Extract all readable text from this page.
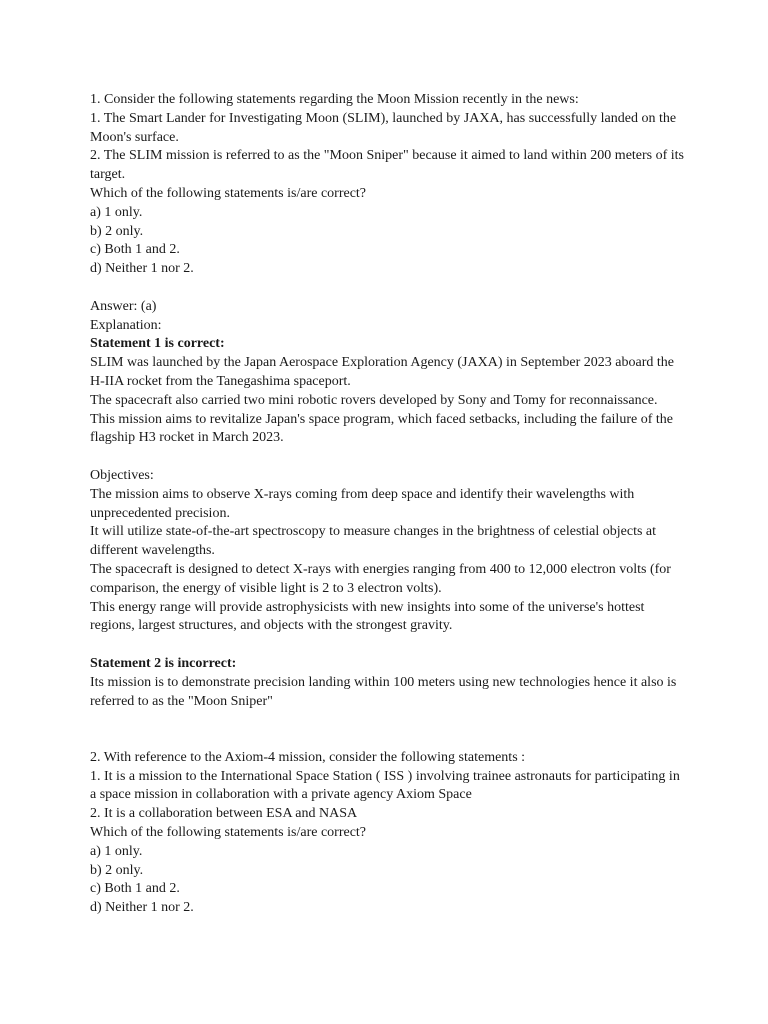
1. Consider the following statements regarding the Moon Mission recently in the news:

1. The Smart Lander for Investigating Moon (SLIM), launched by JAXA, has successfully landed on the Moon's surface.

2. The SLIM mission is referred to as the "Moon Sniper" because it aimed to land within 200 meters of its target.

Which of the following statements is/are correct?

a) 1 only.

b) 2 only.

c) Both 1 and 2.

d) Neither 1 nor 2.

Answer: (a)

Explanation:

Statement 1 is correct:

SLIM was launched by the Japan Aerospace Exploration Agency (JAXA) in September 2023 aboard the H-IIA rocket from the Tanegashima spaceport.

The spacecraft also carried two mini robotic rovers developed by Sony and Tomy for reconnaissance.

This mission aims to revitalize Japan's space program, which faced setbacks, including the failure of the flagship H3 rocket in March 2023.

Objectives:

The mission aims to observe X-rays coming from deep space and identify their wavelengths with unprecedented precision.

It will utilize state-of-the-art spectroscopy to measure changes in the brightness of celestial objects at different wavelengths.

The spacecraft is designed to detect X-rays with energies ranging from 400 to 12,000 electron volts (for comparison, the energy of visible light is 2 to 3 electron volts).

This energy range will provide astrophysicists with new insights into some of the universe's hottest regions, largest structures, and objects with the strongest gravity.

Statement 2 is incorrect:

Its mission is to demonstrate precision landing within 100 meters using new technologies hence it also is referred to as the "Moon Sniper"

2. With reference to the Axiom-4 mission, consider the following statements :

1. It is a mission to the International Space Station ( ISS ) involving trainee astronauts for participating in a space mission in collaboration with a private agency Axiom Space

2. It is a collaboration between ESA and NASA

Which of the following statements is/are correct?

a) 1 only.

b) 2 only.

c) Both 1 and 2.

d) Neither 1 nor 2.
